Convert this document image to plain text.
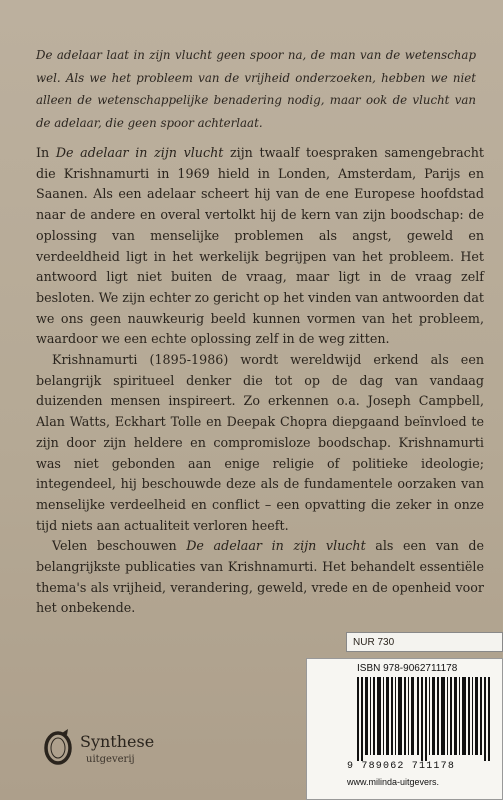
De adelaar laat in zijn vlucht geen spoor na, de man van de wetenschap wel. Als we het probleem van de vrijheid onderzoeken, hebben we niet alleen de wetenschappelijke benadering nodig, maar ook de vlucht van de adelaar, die geen spoor achterlaat.

In De adelaar in zijn vlucht zijn twaalf toespraken samengebracht die Krishnamurti in 1969 hield in Londen, Amsterdam, Parijs en Saanen. Als een adelaar scheert hij van de ene Europese hoofdstad naar de andere en overal vertolkt hij de kern van zijn boodschap: de oplossing van menselijke problemen als angst, geweld en verdeeldheid ligt in het werkelijk begrijpen van het probleem. Het antwoord ligt niet buiten de vraag, maar ligt in de vraag zelf besloten. We zijn echter zo gericht op het vinden van antwoorden dat we ons geen nauwkeurig beeld kunnen vormen van het probleem, waardoor we een echte oplossing zelf in de weg zitten.

Krishnamurti (1895-1986) wordt wereldwijd erkend als een belangrijk spiritueel denker die tot op de dag van vandaag duizenden mensen inspireert. Zo erkennen o.a. Joseph Campbell, Alan Watts, Eckhart Tolle en Deepak Chopra diepgaand beïnvloed te zijn door zijn heldere en compromisloze boodschap. Krishnamurti was niet gebonden aan enige religie of politieke ideologie; integendeel, hij beschouwde deze als de fundamentele oorzaken van menselijke verdeelheid en conflict – een opvatting die zeker in onze tijd niets aan actualiteit verloren heeft.

Velen beschouwen De adelaar in zijn vlucht als een van de belangrijkste publicaties van Krishnamurti. Het behandelt essentiële thema's als vrijheid, verandering, geweld, vrede en de openheid voor het onbekende.

Synthese
uitgeverij
NUR 730
ISBN 978-9062711178
9 789062 711178
www.milinda-uitgevers.
